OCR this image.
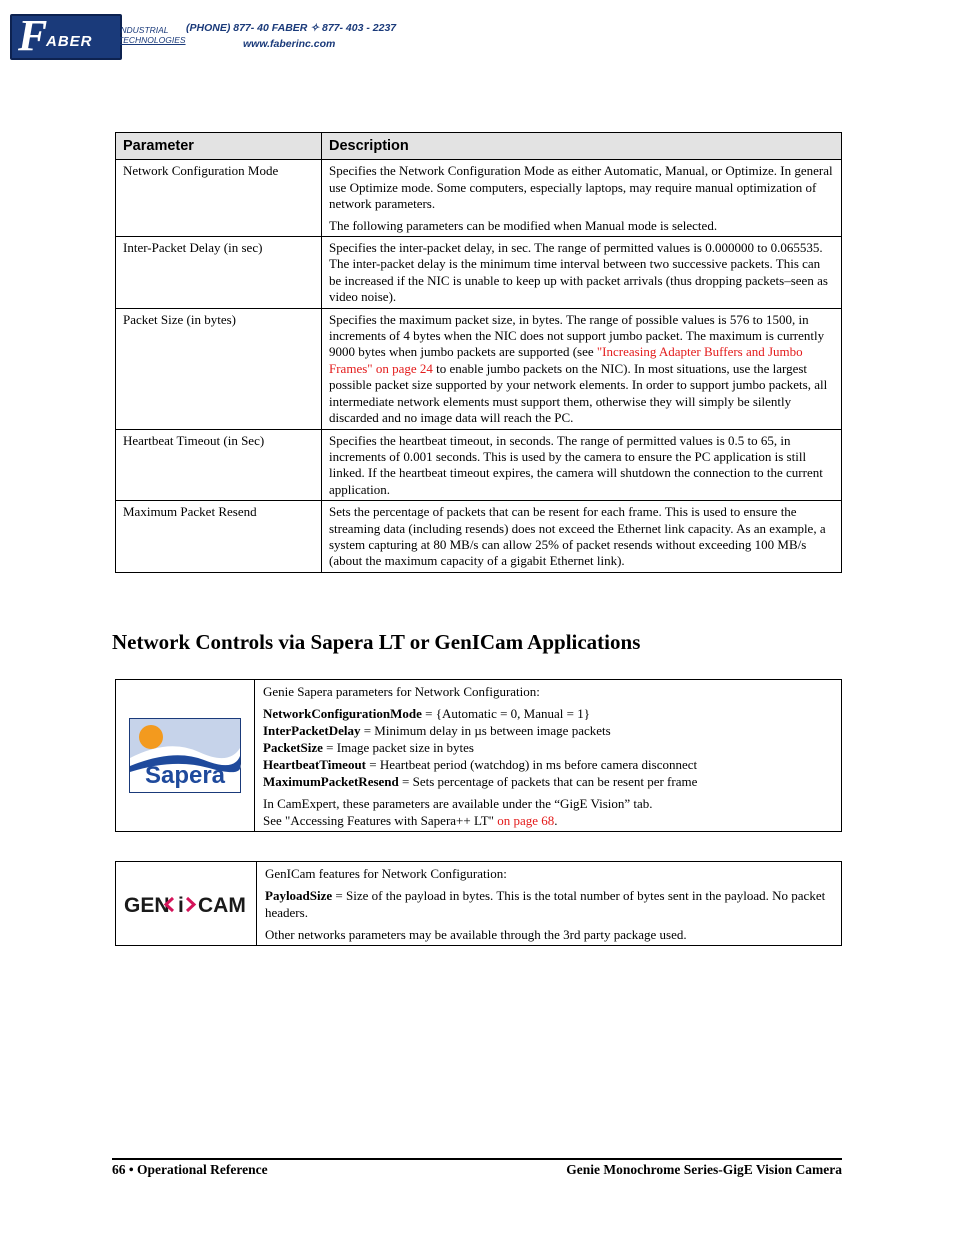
F
ABER
INDUSTRIAL
TECHNOLOGIES
(PHONE) 877- 40 FABER ✧ 877- 403 - 2237
www.faberinc.com
Parameter	Description
Network Configuration Mode	Specifies the Network Configuration Mode as either Automatic, Manual, or Optimize. In general use Optimize mode. Some computers, especially laptops, may require manual optimization of network parameters.

The following parameters can be modified when Manual mode is selected.

Inter-Packet Delay (in sec)	Specifies the inter-packet delay, in sec. The range of permitted values is 0.000000 to 0.065535. The inter-packet delay is the minimum time interval between two successive packets. This can be increased if the NIC is unable to keep up with packet arrivals (thus dropping packets–seen as video noise).

Packet Size (in bytes)	Specifies the maximum packet size, in bytes. The range of possible values is 576 to 1500, in increments of 4 bytes when the NIC does not support jumbo packet. The maximum is currently 9000 bytes when jumbo packets are supported (see "Increasing Adapter Buffers and Jumbo Frames" on page 24 to enable jumbo packets on the NIC). In most situations, use the largest possible packet size supported by your network elements. In order to support jumbo packets, all intermediate network elements must support them, otherwise they will simply be silently discarded and no image data will reach the PC.

Heartbeat Timeout (in Sec)	Specifies the heartbeat timeout, in seconds. The range of permitted values is 0.5 to 65, in increments of 0.001 seconds. This is used by the camera to ensure the PC application is still linked. If the heartbeat timeout expires, the camera will shutdown the connection to the current application.

Maximum Packet Resend	Sets the percentage of packets that can be resent for each frame. This is used to ensure the streaming data (including resends) does not exceed the Ethernet link capacity. As an example, a system capturing at 80 MB/s can allow 25% of packet resends without exceeding 100 MB/s (about the maximum capacity of a gigabit Ethernet link).

Network Controls via Sapera LT or GenICam Applications
Sapera

Genie Sapera parameters for Network Configuration:

NetworkConfigurationMode = {Automatic = 0, Manual = 1}
InterPacketDelay = Minimum delay in µs between image packets
PacketSize = Image packet size in bytes
HeartbeatTimeout = Heartbeat period (watchdog) in ms before camera disconnect
MaximumPacketResend = Sets percentage of packets that can be resent per frame

In CamExpert, these parameters are available under the “GigE Vision” tab.
See "Accessing Features with Sapera++ LT" on page 68.

GEN i CAM

GenICam features for Network Configuration:

PayloadSize = Size of the payload in bytes. This is the total number of bytes sent in the payload. No packet headers.

Other networks parameters may be available through the 3rd party package used.

66 • Operational Reference	Genie Monochrome Series-GigE Vision Camera
